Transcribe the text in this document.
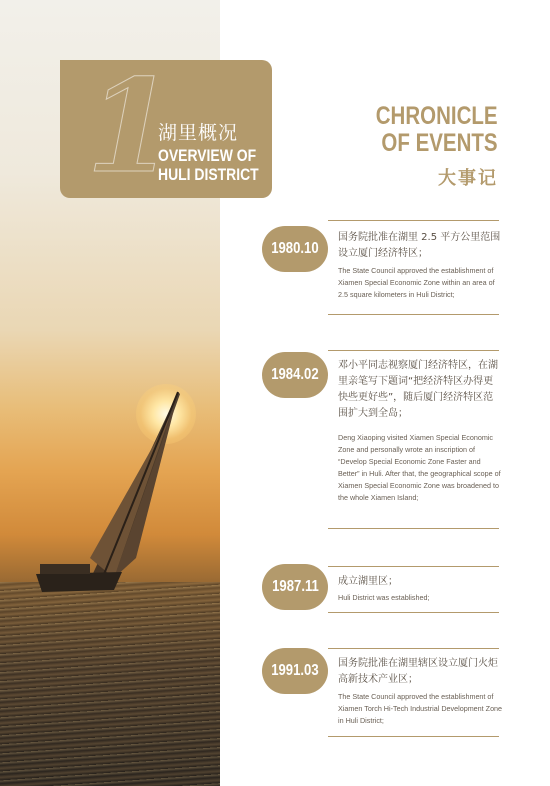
1
湖里概况
OVERVIEW OF
HULI DISTRICT
CHRONICLE
OF EVENTS
大事记
1980.10
国务院批准在湖里 2.5 平方公里范围设立厦门经济特区；
The State Council approved the establishment of Xiamen Special Economic Zone within an area of 2.5 square kilometers in Huli District;
1984.02
邓小平同志视察厦门经济特区，在湖里亲笔写下题词“把经济特区办得更快些更好些”，随后厦门经济特区范围扩大到全岛；
Deng Xiaoping visited Xiamen Special Economic Zone and personally wrote an inscription of “Develop Special Economic Zone Faster and Better” in Huli. After that, the geographical scope of Xiamen Special Economic Zone was broadened to the whole Xiamen Island;
1987.11	成立湖里区；
Huli District was established;
1991.03	国务院批准在湖里辖区设立厦门火炬高新技术产业区；
The State Council approved the establishment of Xiamen Torch Hi-Tech Industrial Development Zone in Huli District;
